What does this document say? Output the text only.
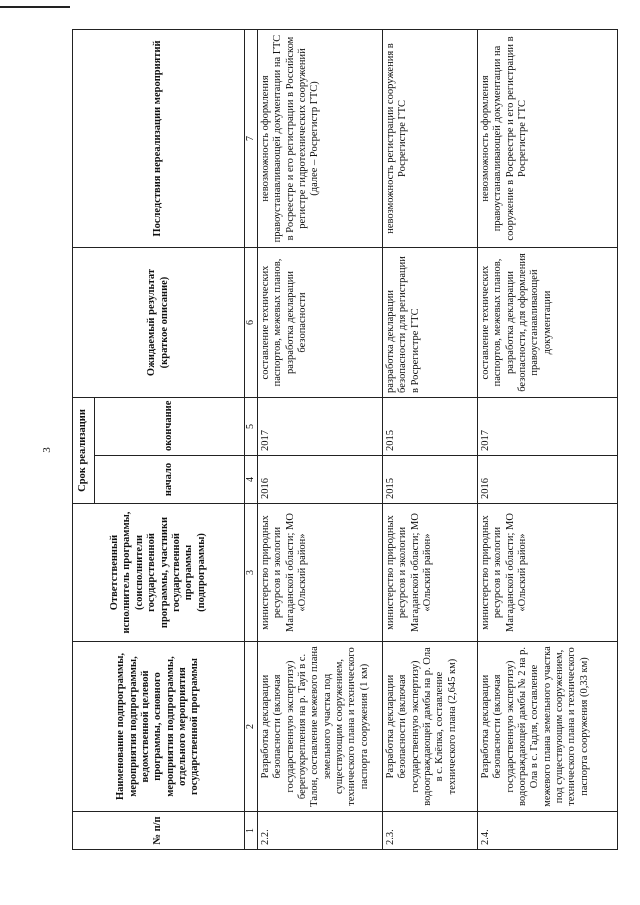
3
№ п/п	Наименование подпрограммы, мероприятия подпрограммы, ведомственной целевой программы, основного мероприятия подпрограммы, отдельного мероприятия государственной программы	Ответственный исполнитель программы, (соисполнители государственной программы, участники государственной программы (подпрограммы)	Срок реализации		Ожидаемый результат (краткое описание)	Последствия нереализации мероприятий
			начало	окончание		
1	2	3	4	5	6	7
2.2.	Разработка декларации безопасности (включая государственную экспертизу) берегоукрепления на р. Тауй в с. Талон, составление межевого плана земельного участка под существующим сооружением, технического плана и технического паспорта сооружения (1 км)	министерство природных ресурсов и экологии Магаданской области; МО «Ольский район»	2016	2017	составление технических паспортов, межевых планов, разработка декларации безопасности	невозможность оформления правоустанавливающей документации на ГТС в Росреестре и его регистрации в Российском регистре гидротехнических сооружений (далее – Росрегистр ГТС)
2.3.	Разработка декларации безопасности (включая государственную экспертизу) водоограждающей дамбы на р. Ола в с. Клёпка, составление технического плана (2,645 км)	министерство природных ресурсов и экологии Магаданской области; МО «Ольский район»	2015	2015	разработка декларации безопасности для регистрации в Росрегистре ГТС	невозможность регистрации сооружения в Росрегистре ГТС
2.4.	Разработка декларации безопасности (включая государственную экспертизу) водоограждающей дамбы № 2 на р. Ола в с. Гадля, составление межевого плана земельного участка под существующим сооружением, технического плана и технического паспорта сооружения (0,33 км)	министерство природных ресурсов и экологии Магаданской области; МО «Ольский район»	2016	2017	составление технических паспортов, межевых планов, разработка декларации безопасности, для оформления правоустанавливающей документации	невозможность оформления правоустанавливающей документации на сооружение в Росреестре и его регистрации в Росрегистре ГТС
